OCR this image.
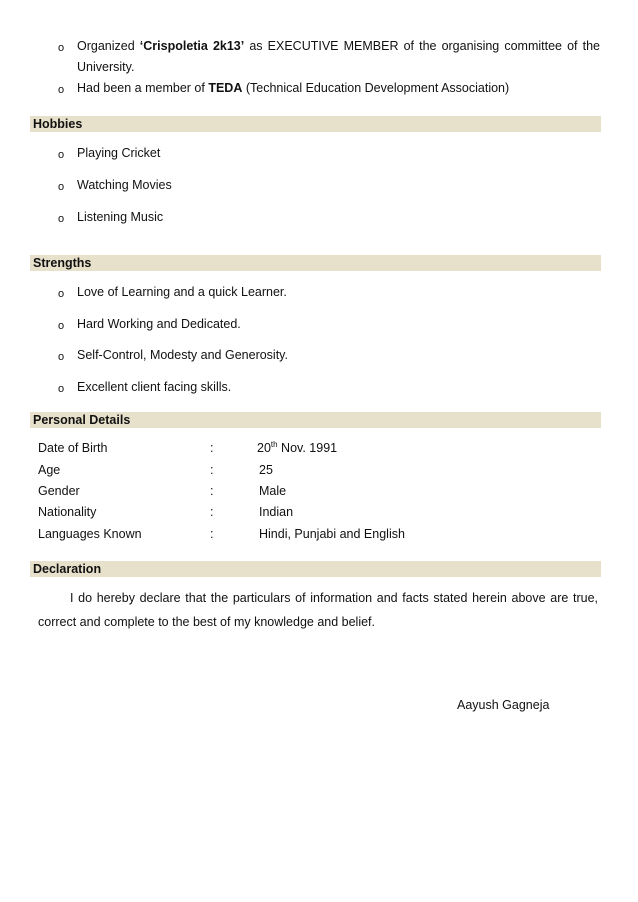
o Organized ‘Crispoletia 2k13’ as EXECUTIVE MEMBER of the organising committee of the
University.
o Had been a member of TEDA (Technical Education Development Association)
Hobbies
o Playing Cricket
o Watching Movies
o Listening Music
Strengths
o Love of Learning and a quick Learner.
o Hard Working and Dedicated.
o Self-Control, Modesty and Generosity.
o Excellent client facing skills.
Personal Details
Date of Birth	:	20th Nov. 1991
Age	:	25
Gender	:	Male
Nationality	:	Indian
Languages Known	:	Hindi, Punjabi and English
Declaration
I do hereby declare that the particulars of information and facts stated herein above are true, correct and complete to the best of my knowledge and belief.
Aayush Gagneja
